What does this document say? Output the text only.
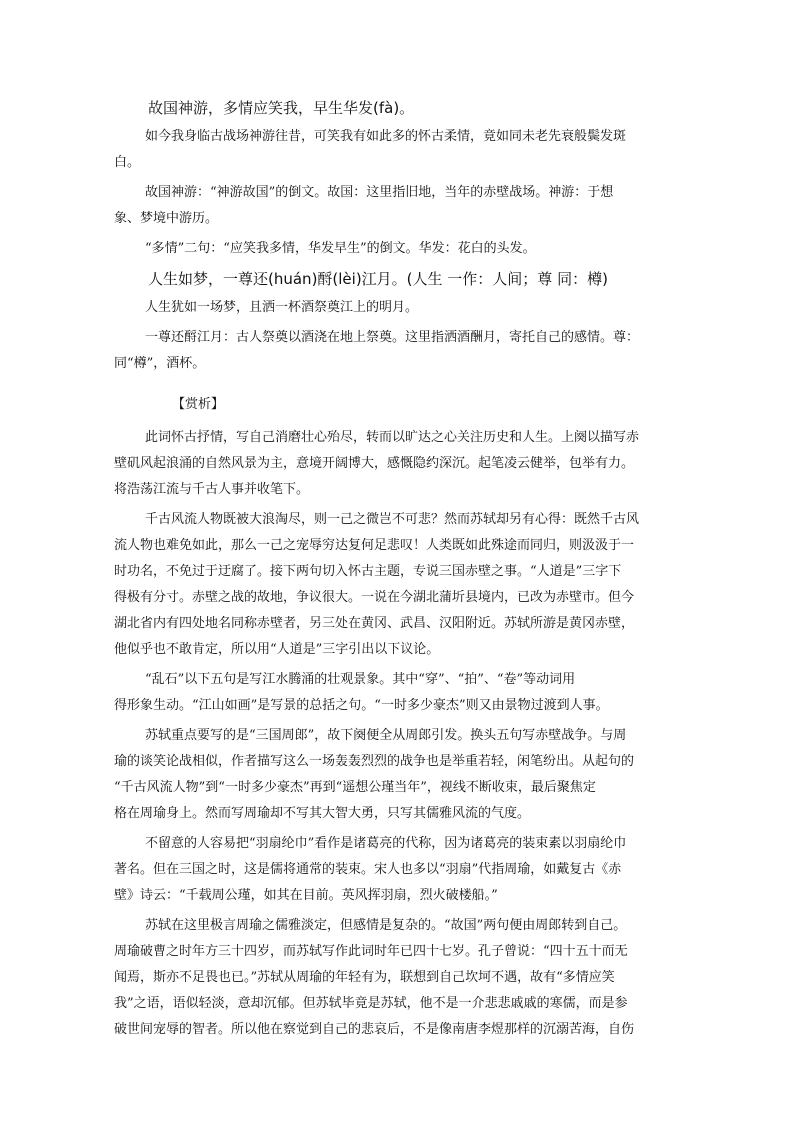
故国神游，多情应笑我，早生华发(fà)。
如今我身临古战场神游往昔，可笑我有如此多的怀古柔情，竟如同未老先衰般鬓发斑
白。
故国神游：“神游故国”的倒文。故国：这里指旧地，当年的赤壁战场。神游：于想
象、梦境中游历。
“多情”二句：“应笑我多情，华发早生”的倒文。华发：花白的头发。
人生如梦，一尊还(huán)酹(lèi)江月。(人生 一作：人间；尊 同：樽)
人生犹如一场梦，且洒一杯酒祭奠江上的明月。
一尊还酹江月：古人祭奠以酒浇在地上祭奠。这里指洒酒酬月，寄托自己的感情。尊：
同“樽”，酒杯。
【赏析】
此词怀古抒情，写自己消磨壮心殆尽，转而以旷达之心关注历史和人生。上阕以描写赤
壁矶风起浪涌的自然风景为主，意境开阔博大，感慨隐约深沉。起笔凌云健举，包举有力。
将浩荡江流与千古人事并收笔下。
千古风流人物既被大浪淘尽，则一己之微岂不可悲？然而苏轼却另有心得：既然千古风
流人物也难免如此，那么一己之宠辱穷达复何足悲叹！人类既如此殊途而同归，则汲汲于一
时功名，不免过于迂腐了。接下两句切入怀古主题，专说三国赤壁之事。“人道是”三字下
得极有分寸。赤壁之战的故地，争议很大。一说在今湖北蒲圻县境内，已改为赤壁市。但今
湖北省内有四处地名同称赤壁者，另三处在黄冈、武昌、汉阳附近。苏轼所游是黄冈赤壁，
他似乎也不敢肯定，所以用“人道是”三字引出以下议论。
“乱石”以下五句是写江水腾涌的壮观景象。其中“穿”、“拍”、“卷”等动词用
得形象生动。“江山如画”是写景的总括之句。“一时多少豪杰”则又由景物过渡到人事。
苏轼重点要写的是“三国周郎”，故下阕便全从周郎引发。换头五句写赤壁战争。与周
瑜的谈笑论战相似，作者描写这么一场轰轰烈烈的战争也是举重若轻，闲笔纷出。从起句的
“千古风流人物”到“一时多少豪杰”再到“遥想公瑾当年”，视线不断收束，最后聚焦定
格在周瑜身上。然而写周瑜却不写其大智大勇，只写其儒雅风流的气度。
不留意的人容易把“羽扇纶巾”看作是诸葛亮的代称，因为诸葛亮的装束素以羽扇纶巾
著名。但在三国之时，这是儒将通常的装束。宋人也多以“羽扇”代指周瑜，如戴复古《赤
壁》诗云：“千载周公瑾，如其在目前。英风挥羽扇，烈火破楼船。”
苏轼在这里极言周瑜之儒雅淡定，但感情是复杂的。“故国”两句便由周郎转到自己。
周瑜破曹之时年方三十四岁，而苏轼写作此词时年已四十七岁。孔子曾说：“四十五十而无
闻焉，斯亦不足畏也已。”苏轼从周瑜的年轻有为，联想到自己坎坷不遇，故有“多情应笑
我”之语，语似轻淡，意却沉郁。但苏轼毕竟是苏轼，他不是一介悲悲戚戚的寒儒，而是参
破世间宠辱的智者。所以他在察觉到自己的悲哀后，不是像南唐李煜那样的沉溺苦海，自伤
